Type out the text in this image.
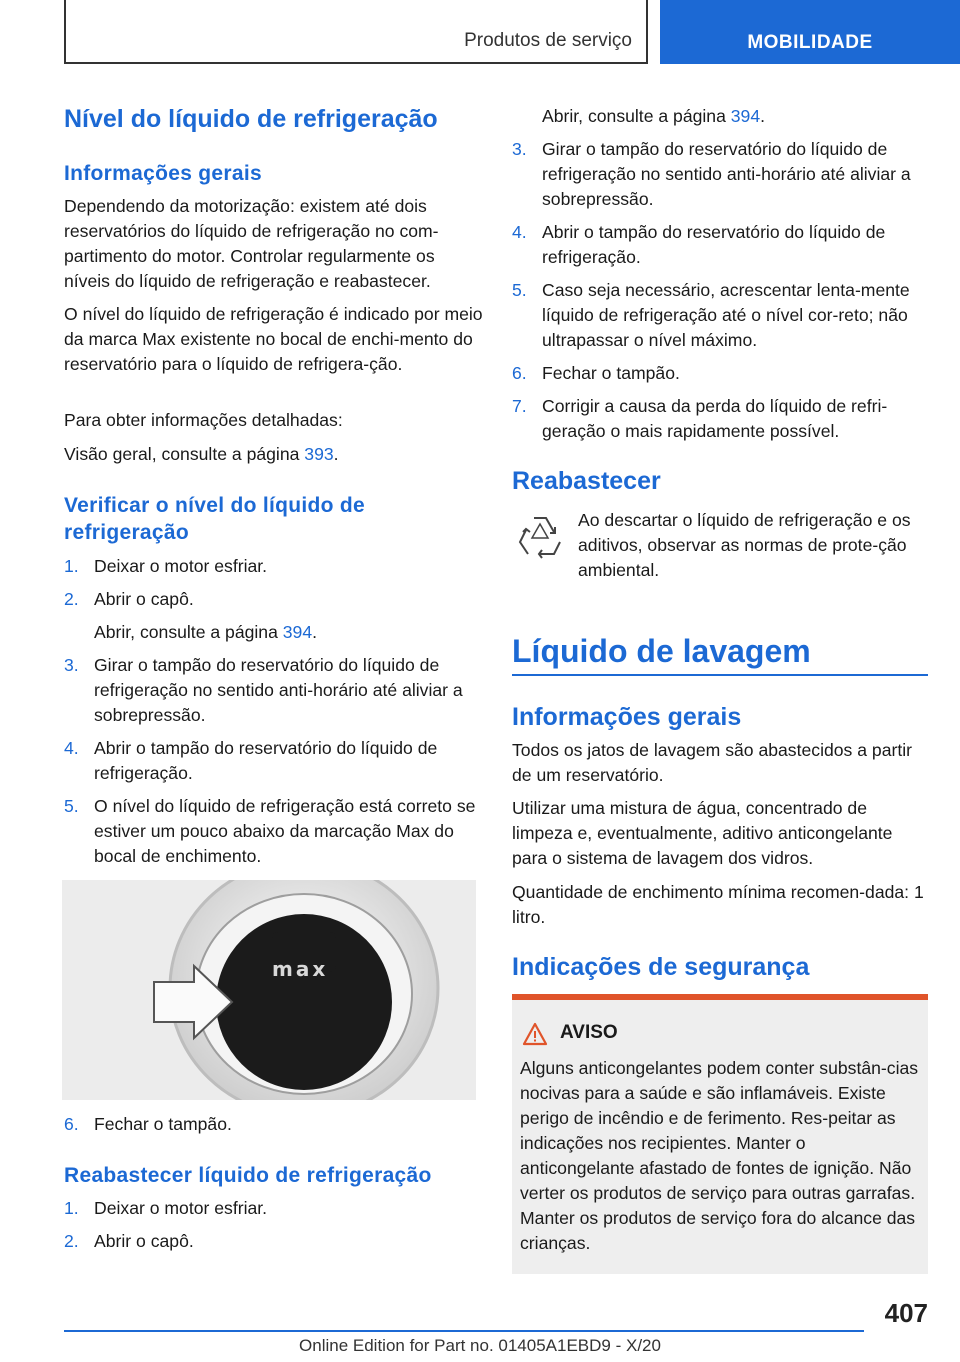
Produtos de serviço	MOBILIDADE
Nível do líquido de refrigeração
Informações gerais

Dependendo da motorização: existem até dois reservatórios do líquido de refrigeração no com-partimento do motor. Controlar regularmente os níveis do líquido de refrigeração e reabastecer.

O nível do líquido de refrigeração é indicado por meio da marca Max existente no bocal de enchi-mento do reservatório para o líquido de refrigera-ção.

Para obter informações detalhadas:

Visão geral, consulte a página 393.

Verificar o nível do líquido de refrigeração
1. Deixar o motor esfriar.
2. Abrir o capô.
Abrir, consulte a página 394.
3. Girar o tampão do reservatório do líquido de refrigeração no sentido anti-horário até aliviar a sobrepressão.
4. Abrir o tampão do reservatório do líquido de refrigeração.
5. O nível do líquido de refrigeração está correto se estiver um pouco abaixo da marcação Max do bocal de enchimento.
max
6. Fechar o tampão.
Reabastecer líquido de refrigeração
1. Deixar o motor esfriar.
2. Abrir o capô.
Abrir, consulte a página 394.
3. Girar o tampão do reservatório do líquido de refrigeração no sentido anti-horário até aliviar a sobrepressão.
4. Abrir o tampão do reservatório do líquido de refrigeração.
5. Caso seja necessário, acrescentar lenta-mente líquido de refrigeração até o nível cor-reto; não ultrapassar o nível máximo.
6. Fechar o tampão.
7. Corrigir a causa da perda do líquido de refri-geração o mais rapidamente possível.
Reabastecer

Ao descartar o líquido de refrigeração e os aditivos, observar as normas de prote-ção ambiental.

Líquido de lavagem
Informações gerais

Todos os jatos de lavagem são abastecidos a partir de um reservatório.

Utilizar uma mistura de água, concentrado de limpeza e, eventualmente, aditivo anticongelante para o sistema de lavagem dos vidros.

Quantidade de enchimento mínima recomen-dada: 1 litro.

Indicações de segurança
AVISO

Alguns anticongelantes podem conter substân-cias nocivas para a saúde e são inflamáveis. Existe perigo de incêndio e de ferimento. Res-peitar as indicações nos recipientes. Manter o anticongelante afastado de fontes de ignição. Não verter os produtos de serviço para outras garrafas. Manter os produtos de serviço fora do alcance das crianças.

407
Online Edition for Part no. 01405A1EBD9 - X/20
